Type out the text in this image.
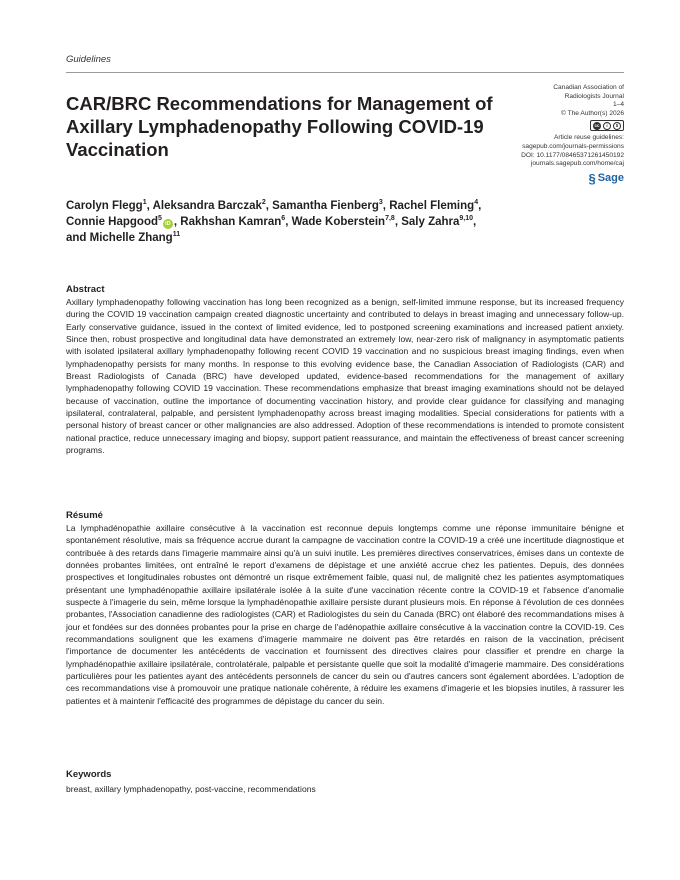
Guidelines
CAR/BRC Recommendations for Management of Axillary Lymphadenopathy Following COVID-19 Vaccination
Canadian Association of
Radiologists Journal
1–4
© The Author(s) 2026
cc	i	$
Article reuse guidelines:
sagepub.com/journals-permissions
DOI: 10.1177/08465371261450192
journals.sagepub.com/home/caj
§ Sage
Carolyn Flegg$^1$, Aleksandra Barczak$^2$, Samantha Fienberg$^3$, Rachel Fleming$^4$,
Connie Hapgood$^5$iD , Rakhshan Kamran$^6$, Wade Koberstein$^{7,8}$, Saly Zahra$^{9,10}$,
and Michelle Zhang$^{11}$
Abstract

Axillary lymphadenopathy following vaccination has long been recognized as a benign, self-limited immune response, but its increased frequency during the COVID 19 vaccination campaign created diagnostic uncertainty and contributed to delays in breast imaging and unnecessary follow-up. Early conservative guidance, issued in the context of limited evidence, led to postponed screening examinations and increased patient anxiety. Since then, robust prospective and longitudinal data have demonstrated an extremely low, near-zero risk of malignancy in asymptomatic patients with isolated ipsilateral axillary lymphadenopathy following recent COVID 19 vaccination and no suspicious breast imaging findings, even when lymphadenopathy persists for many months. In response to this evolving evidence base, the Canadian Association of Radiologists (CAR) and Breast Radiologists of Canada (BRC) have developed updated, evidence-based recommendations for the management of axillary lymphadenopathy following COVID 19 vaccination. These recommendations emphasize that breast imaging examinations should not be delayed because of vaccination, outline the importance of documenting vaccination history, and provide clear guidance for classifying and managing ipsilateral, contralateral, palpable, and persistent lymphadenopathy across breast imaging modalities. Special considerations for patients with a personal history of breast cancer or other malignancies are also addressed. Adoption of these recommendations is intended to promote consistent national practice, reduce unnecessary imaging and biopsy, support patient reassurance, and maintain the effectiveness of breast cancer screening programs.

Résumé

La lymphadénopathie axillaire consécutive à la vaccination est reconnue depuis longtemps comme une réponse immunitaire bénigne et spontanément résolutive, mais sa fréquence accrue durant la campagne de vaccination contre la COVID-19 a créé une incertitude diagnostique et contribuée à des retards dans l'imagerie mammaire ainsi qu'à un suivi inutile. Les premières directives conservatrices, émises dans un contexte de données probantes limitées, ont entraîné le report d'examens de dépistage et une anxiété accrue chez les patientes. Depuis, des données prospectives et longitudinales robustes ont démontré un risque extrêmement faible, quasi nul, de malignité chez les patientes asymptomatiques présentant une lymphadénopathie axillaire ipsilatérale isolée à la suite d'une vaccination récente contre la COVID-19 et l'absence d'anomalie suspecte à l'imagerie du sein, même lorsque la lymphadénopathie axillaire persiste durant plusieurs mois. En réponse à l'évolution de ces données probantes, l'Association canadienne des radiologistes (CAR) et Radiologistes du sein du Canada (BRC) ont élaboré des recommandations mises à jour et fondées sur des données probantes pour la prise en charge de l'adénopathie axillaire consécutive à la vaccination contre la COVID-19. Ces recommandations soulignent que les examens d'imagerie mammaire ne doivent pas être retardés en raison de la vaccination, précisent l'importance de documenter les antécédents de vaccination et fournissent des directives claires pour classifier et prendre en charge la lymphadénopathie axillaire ipsilatérale, controlatérale, palpable et persistante quelle que soit la modalité d'imagerie mammaire. Des considérations particulières pour les patientes ayant des antécédents personnels de cancer du sein ou d'autres cancers sont également abordées. L'adoption de ces recommandations vise à promouvoir une pratique nationale cohérente, à réduire les examens d'imagerie et les biopsies inutiles, à rassurer les patientes et à maintenir l'efficacité des programmes de dépistage du cancer du sein.

Keywords
breast, axillary lymphadenopathy, post-vaccine, recommendations
